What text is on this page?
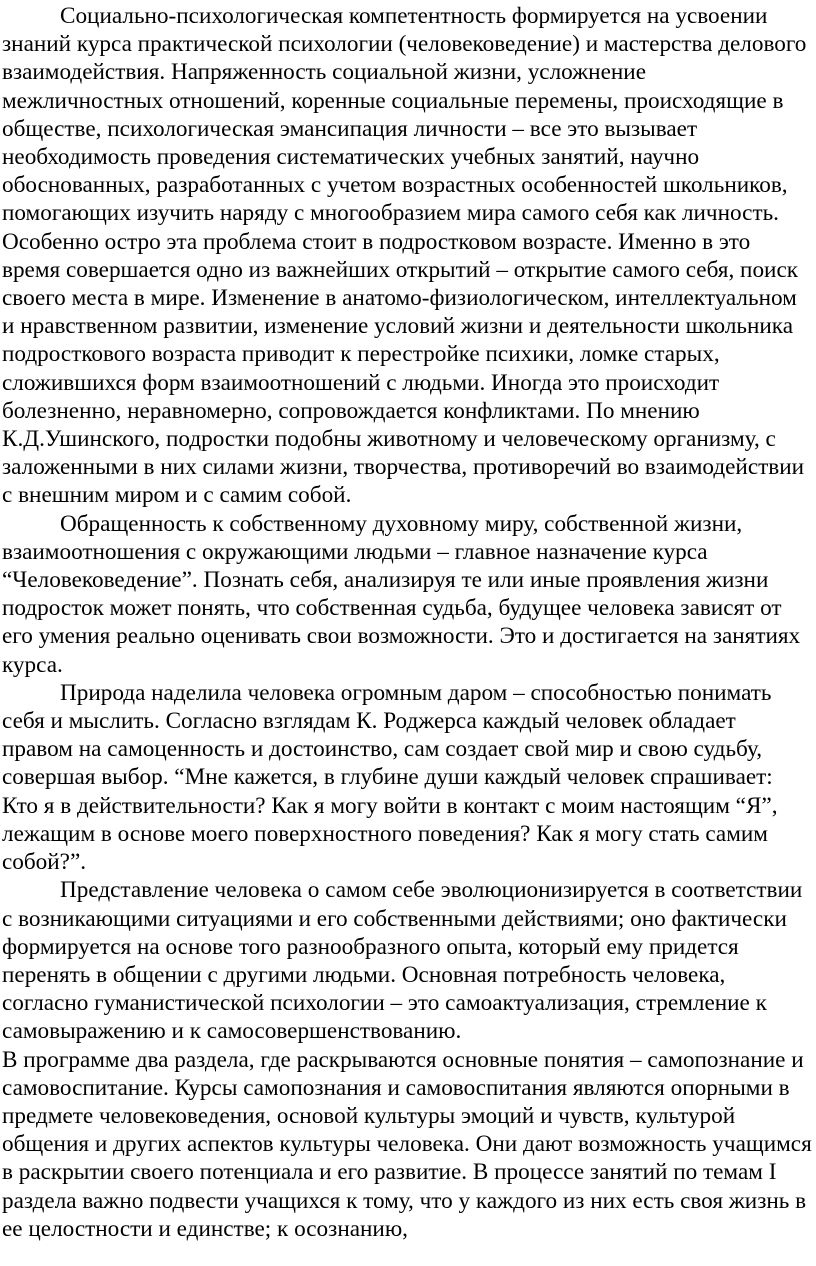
Социально-психологическая компетентность формируется на усвоении знаний курса практической психологии (человековедение) и мастерства делового взаимодействия. Напряженность социальной жизни, усложнение межличностных отношений, коренные социальные перемены, происходящие в обществе, психологическая эмансипация личности – все это вызывает необходимость проведения систематических учебных занятий, научно обоснованных, разработанных с учетом возрастных особенностей школьников, помогающих изучить наряду с многообразием мира самого себя как личность. Особенно остро эта проблема стоит в подростковом возрасте. Именно в это время совершается одно из важнейших открытий – открытие самого себя, поиск своего места в мире. Изменение в анатомо-физиологическом, интеллектуальном и нравственном развитии, изменение условий жизни и деятельности школьника подросткового возраста приводит к перестройке психики, ломке старых, сложившихся форм взаимоотношений с людьми. Иногда это происходит болезненно, неравномерно, сопровождается конфликтами. По мнению К.Д.Ушинского, подростки подобны животному и человеческому организму, с заложенными в них силами жизни, творчества, противоречий во взаимодействии с внешним миром и с самим собой.

Обращенность к собственному духовному миру, собственной жизни, взаимоотношения с окружающими людьми – главное назначение курса “Человековедение”. Познать себя, анализируя те или иные проявления жизни подросток может понять, что собственная судьба, будущее человека зависят от его умения реально оценивать свои возможности. Это и достигается на занятиях курса.

Природа наделила человека огромным даром – способностью понимать себя и мыслить. Согласно взглядам К. Роджерса каждый человек обладает правом на самоценность и достоинство, сам создает свой мир и свою судьбу, совершая выбор. “Мне кажется, в глубине души каждый человек спрашивает: Кто я в действительности? Как я могу войти в контакт с моим настоящим “Я”, лежащим в основе моего поверхностного поведения? Как я могу стать самим собой?”.

Представление человека о самом себе эволюционизируется в соответствии с возникающими ситуациями и его собственными действиями; оно фактически формируется на основе того разнообразного опыта, который ему придется перенять в общении с другими людьми. Основная потребность человека, согласно гуманистической психологии – это самоактуализация, стремление к самовыражению и к самосовершенствованию.

В программе два раздела, где раскрываются основные понятия – самопознание и самовоспитание. Курсы самопознания и самовоспитания являются опорными в предмете человековедения, основой культуры эмоций и чувств, культурой общения и других аспектов культуры человека. Они дают возможность учащимся в раскрытии своего потенциала и его развитие. В процессе занятий по темам I раздела важно подвести учащихся к тому, что у каждого из них есть своя жизнь в ее целостности и единстве; к осознанию,
